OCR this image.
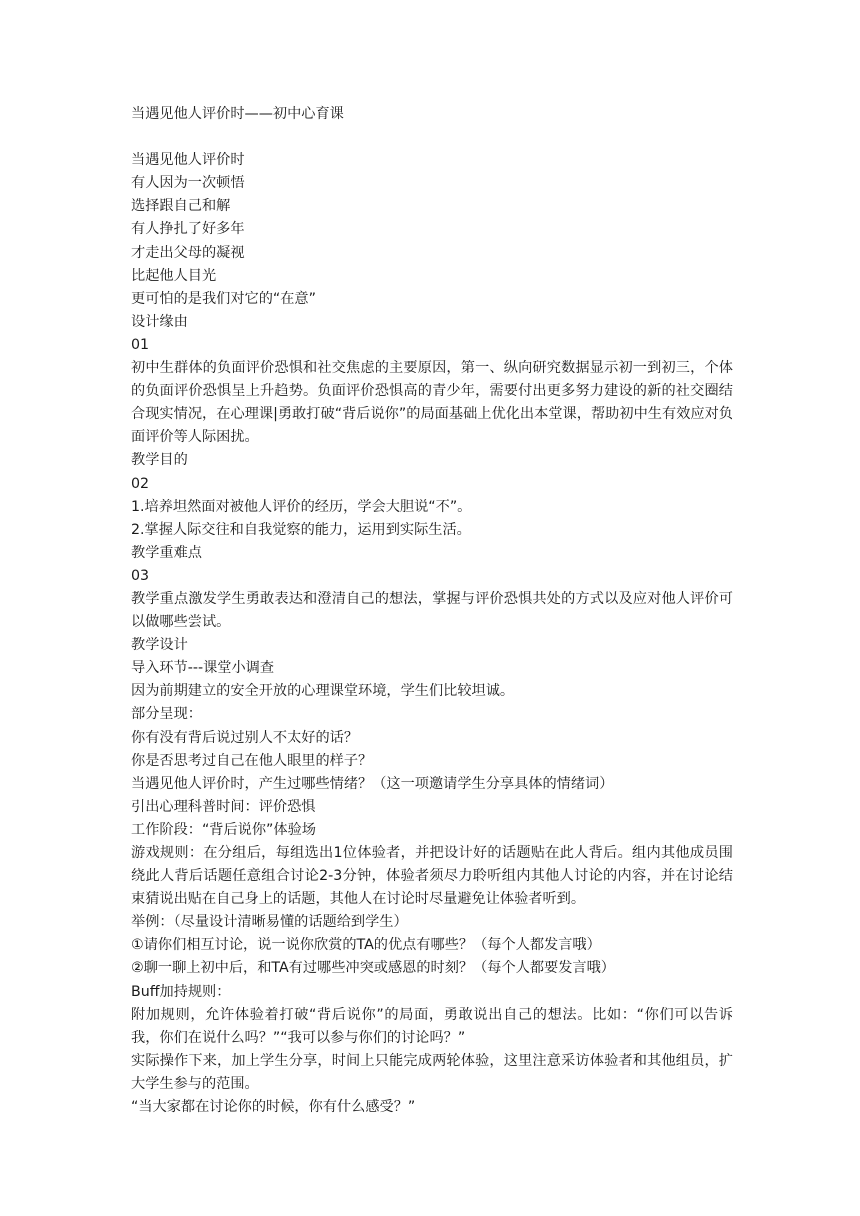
当遇见他人评价时——初中心育课
当遇见他人评价时
有人因为一次顿悟
选择跟自己和解
有人挣扎了好多年
才走出父母的凝视
比起他人目光
更可怕的是我们对它的“在意”
设计缘由
01
初中生群体的负面评价恐惧和社交焦虑的主要原因，第一、纵向研究数据显示初一到初三，个体的负面评价恐惧呈上升趋势。负面评价恐惧高的青少年，需要付出更多努力建设的新的社交圈结合现实情况，在心理课|勇敢打破“背后说你”的局面基础上优化出本堂课，帮助初中生有效应对负面评价等人际困扰。
教学目的
02
1.培养坦然面对被他人评价的经历，学会大胆说“不”。
2.掌握人际交往和自我觉察的能力，运用到实际生活。
教学重难点
03
教学重点激发学生勇敢表达和澄清自己的想法，掌握与评价恐惧共处的方式以及应对他人评价可以做哪些尝试。
教学设计
导入环节---课堂小调查
因为前期建立的安全开放的心理课堂环境，学生们比较坦诚。
部分呈现：
你有没有背后说过别人不太好的话？
你是否思考过自己在他人眼里的样子？
当遇见他人评价时，产生过哪些情绪？（这一项邀请学生分享具体的情绪词）
引出心理科普时间：评价恐惧
工作阶段：“背后说你”体验场
游戏规则：在分组后，每组选出1位体验者，并把设计好的话题贴在此人背后。组内其他成员围绕此人背后话题任意组合讨论2-3分钟，体验者须尽力聆听组内其他人讨论的内容，并在讨论结束猜说出贴在自己身上的话题，其他人在讨论时尽量避免让体验者听到。
举例：（尽量设计清晰易懂的话题给到学生）
①请你们相互讨论，说一说你欣赏的TA的优点有哪些？（每个人都发言哦）
②聊一聊上初中后，和TA有过哪些冲突或感恩的时刻？（每个人都要发言哦）
Buff加持规则：
附加规则，允许体验着打破“背后说你”的局面，勇敢说出自己的想法。比如：“你们可以告诉我，你们在说什么吗？”“我可以参与你们的讨论吗？”
实际操作下来，加上学生分享，时间上只能完成两轮体验，这里注意采访体验者和其他组员，扩大学生参与的范围。
“当大家都在讨论你的时候，你有什么感受？”
